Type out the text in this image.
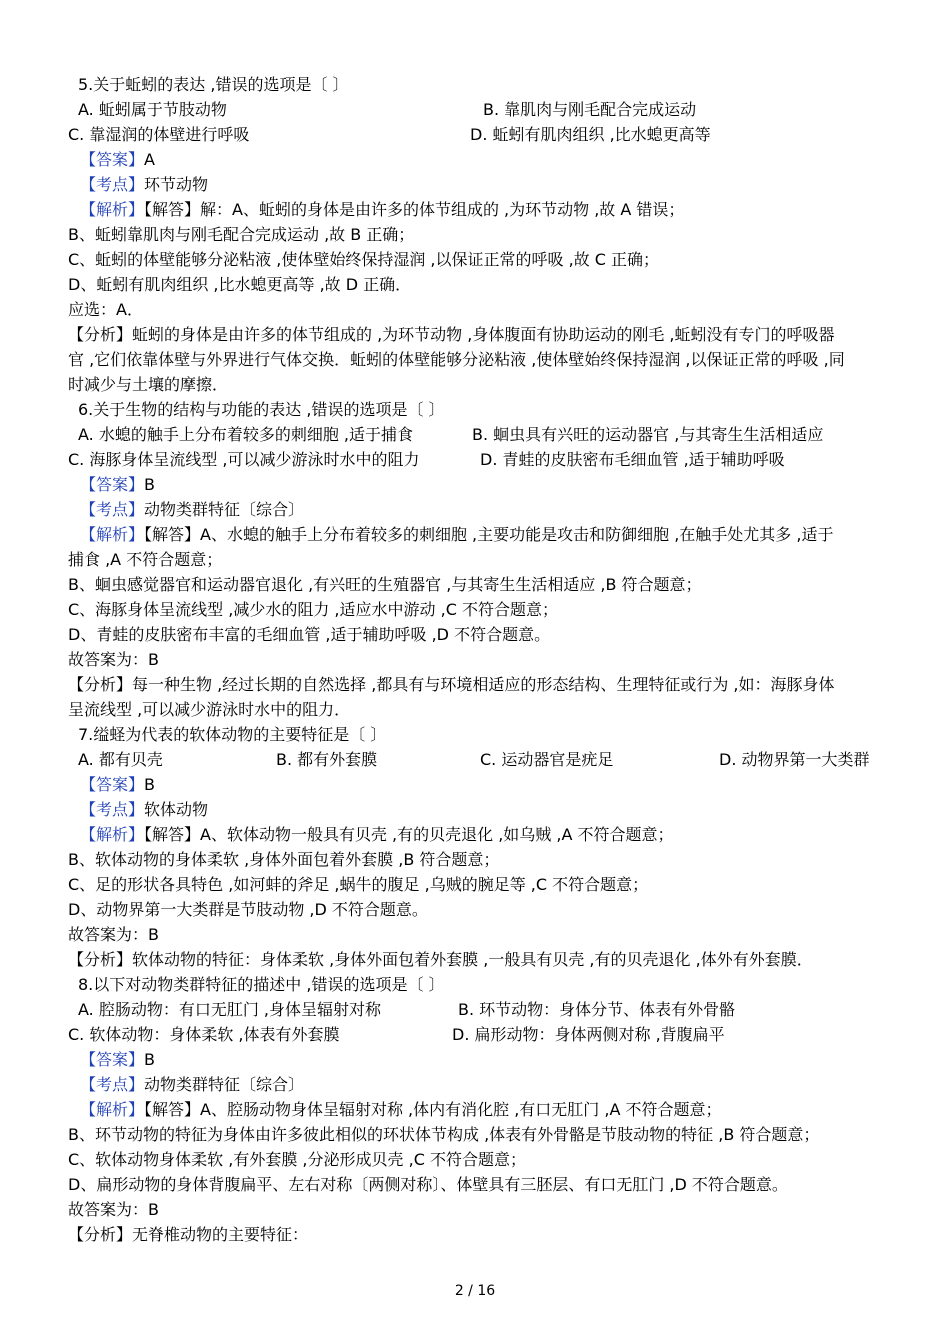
5.关于蚯蚓的表达 ,错误的选项是〔 〕
A. 蚯蚓属于节肢动物	B. 靠肌肉与刚毛配合完成运动
C. 靠湿润的体壁进行呼吸	D. 蚯蚓有肌肉组织 ,比水螅更高等
【答案】A
【考点】环节动物
【解析】【解答】解：A、蚯蚓的身体是由许多的体节组成的 ,为环节动物 ,故 A 错误；
B、蚯蚓靠肌肉与刚毛配合完成运动 ,故 B 正确；
C、蚯蚓的体壁能够分泌粘液 ,使体壁始终保持湿润 ,以保证正常的呼吸 ,故 C 正确；
D、蚯蚓有肌肉组织 ,比水螅更高等 ,故 D 正确．
应选：A．
【分析】蚯蚓的身体是由许多的体节组成的 ,为环节动物 ,身体腹面有协助运动的刚毛 ,蚯蚓没有专门的呼吸器
官 ,它们依靠体壁与外界进行气体交换．蚯蚓的体壁能够分泌粘液 ,使体壁始终保持湿润 ,以保证正常的呼吸 ,同
时减少与土壤的摩擦．
6.关于生物的结构与功能的表达 ,错误的选项是〔 〕
A. 水螅的触手上分布着较多的刺细胞 ,适于捕食	B. 蛔虫具有兴旺的运动器官 ,与其寄生生活相适应
C. 海豚身体呈流线型 ,可以减少游泳时水中的阻力	D. 青蛙的皮肤密布毛细血管 ,适于辅助呼吸
【答案】B
【考点】动物类群特征〔综合〕
【解析】【解答】A、水螅的触手上分布着较多的刺细胞 ,主要功能是攻击和防御细胞 ,在触手处尤其多 ,适于
捕食 ,A 不符合题意；
B、蛔虫感觉器官和运动器官退化 ,有兴旺的生殖器官 ,与其寄生生活相适应 ,B 符合题意；
C、海豚身体呈流线型 ,减少水的阻力 ,适应水中游动 ,C 不符合题意；
D、青蛙的皮肤密布丰富的毛细血管 ,适于辅助呼吸 ,D 不符合题意。
故答案为：B
【分析】每一种生物 ,经过长期的自然选择 ,都具有与环境相适应的形态结构、生理特征或行为 ,如：海豚身体
呈流线型 ,可以减少游泳时水中的阻力．
7.缢蛏为代表的软体动物的主要特征是〔 〕
A. 都有贝壳	B. 都有外套膜	C. 运动器官是疣足	D. 动物界第一大类群
【答案】B
【考点】软体动物
【解析】【解答】A、软体动物一般具有贝壳 ,有的贝壳退化 ,如乌贼 ,A 不符合题意；
B、软体动物的身体柔软 ,身体外面包着外套膜 ,B 符合题意；
C、足的形状各具特色 ,如河蚌的斧足 ,蜗牛的腹足 ,乌贼的腕足等 ,C 不符合题意；
D、动物界第一大类群是节肢动物 ,D 不符合题意。
故答案为：B
【分析】软体动物的特征：身体柔软 ,身体外面包着外套膜 ,一般具有贝壳 ,有的贝壳退化 ,体外有外套膜．
8.以下对动物类群特征的描述中 ,错误的选项是〔 〕
A. 腔肠动物：有口无肛门 ,身体呈辐射对称	B. 环节动物：身体分节、体表有外骨骼
C. 软体动物：身体柔软 ,体表有外套膜	D. 扁形动物：身体两侧对称 ,背腹扁平
【答案】B
【考点】动物类群特征〔综合〕
【解析】【解答】A、腔肠动物身体呈辐射对称 ,体内有消化腔 ,有口无肛门 ,A 不符合题意；
B、环节动物的特征为身体由许多彼此相似的环状体节构成 ,体表有外骨骼是节肢动物的特征 ,B 符合题意；
C、软体动物身体柔软 ,有外套膜 ,分泌形成贝壳 ,C 不符合题意；
D、扁形动物的身体背腹扁平、左右对称〔两侧对称〕、体壁具有三胚层、有口无肛门 ,D 不符合题意。
故答案为：B
【分析】无脊椎动物的主要特征：
2 / 16
